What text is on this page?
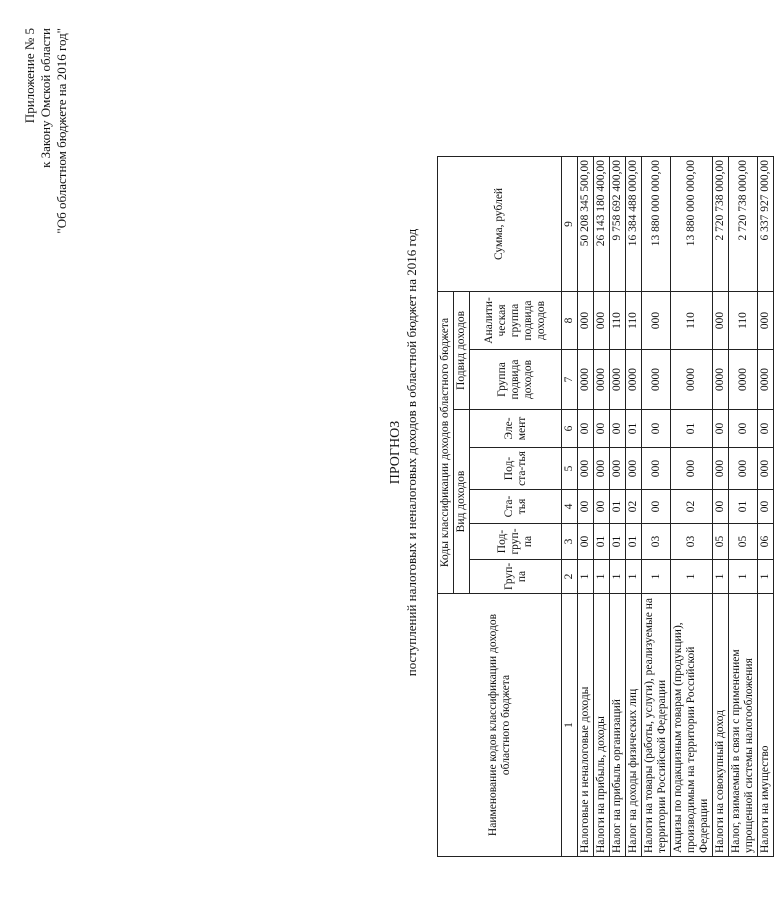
Приложение № 5 к Закону Омской области "Об областном бюджете на 2016 год"
ПРОГНОЗ поступлений налоговых и неналоговых доходов в областной бюджет на 2016 год
Наименование кодов классификации доходов областного бюджета	Коды классификации доходов областного бюджета							Сумма, рублей
	Вид доходов					Подвид доходов		
	Груп-па	Под-груп-па	Ста-тья	Под-ста-тья	Эле-мент	Группа подвида доходов	Аналити-ческая группа подвида доходов	
1	2	3	4	5	6	7	8	9
Налоговые и неналоговые доходы	1	00	00	000	00	0000	000	50 208 345 500,00
Налоги на прибыль, доходы	1	01	00	000	00	0000	000	26 143 180 400,00
Налог на прибыль организаций	1	01	01	000	00	0000	110	9 758 692 400,00
Налог на доходы физических лиц	1	01	02	000	01	0000	110	16 384 488 000,00
Налоги на товары (работы, услуги), реализуемые на территории Российской Федерации	1	03	00	000	00	0000	000	13 880 000 000,00
Акцизы по подакцизным товарам (продукции), производимым на территории Российской Федерации	1	03	02	000	01	0000	110	13 880 000 000,00
Налоги на совокупный доход	1	05	00	000	00	0000	000	2 720 738 000,00
Налог, взимаемый в связи с применением упрощенной системы налогообложения	1	05	01	000	00	0000	110	2 720 738 000,00
Налоги на имущество	1	06	00	000	00	0000	000	6 337 927 000,00
